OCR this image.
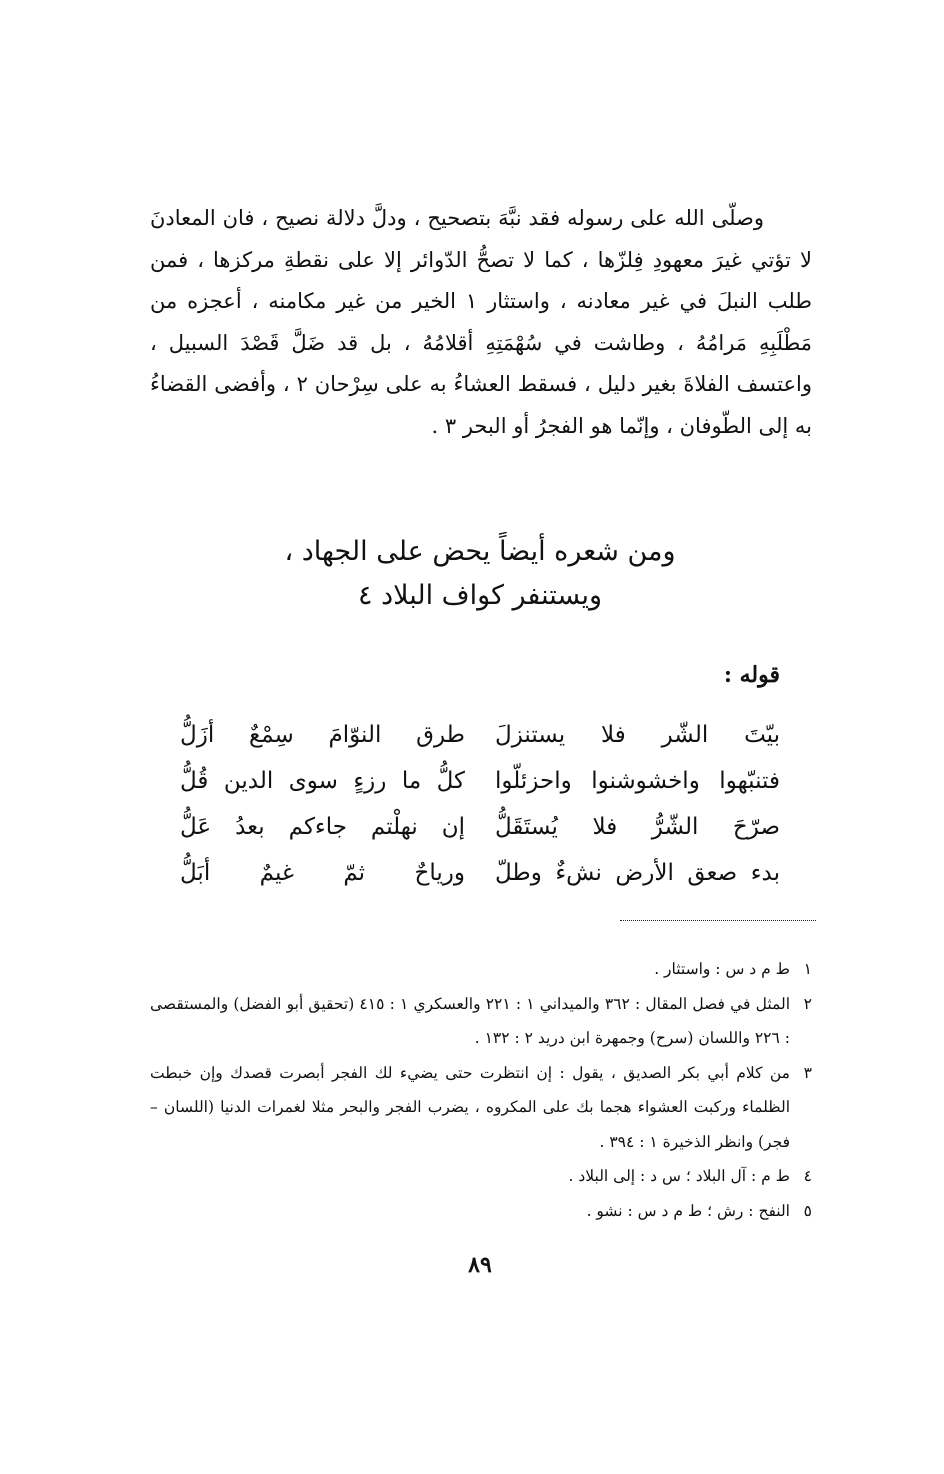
وصلّى الله على رسوله فقد نبَّهَ بتصحيح ، ودلَّ دلالة نصيح ، فان المعادنَ لا تؤتي غيرَ معهودِ فِلزّها ، كما لا تصحُّ الدّوائر إلا على نقطةِ مركزها ، فمن طلب النبلَ في غير معادنه ، واستثار ١ الخير من غير مكامنه ، أعجزه من مَطْلَبِهِ مَرامُهُ ، وطاشت في سُهْمَتِهِ أقلامُهُ ، بل قد ضَلَّ قَصْدَ السبيل ، واعتسف الفلاةَ بغير دليل ، فسقط العشاءُ به على سِرْحان ٢ ، وأفضى القضاءُ به إلى الطّوفان ، وإنّما هو الفجرُ أو البحر ٣ .

ومن شعره أيضاً يحض على الجهاد ،
ويستنفر كواف البلاد ٤
قوله :
بيّتَ الشّر فلا يستنزلَ
طرق النوّامَ سِمْعٌ أزَلُّ
فتنبّهوا واخشوشنوا واحزئلّوا
كلُّ ما رزءٍ سوى الدين قُلُّ
صرّحَ الشّرُّ فلا يُستَقَلُّ
إن نهلْتم جاءكم بعدُ عَلُّ
بدء صعق الأرض نشءٌ وطلّ
ورياحٌ ثمّ غيمٌ أبَلُّ
١
ط م د س : واستثار .
٢
المثل في فصل المقال : ٣٦٢ والميداني ١ : ٢٢١ والعسكري ١ : ٤١٥ (تحقيق أبو الفضل) والمستقصى : ٢٢٦ واللسان (سرح) وجمهرة ابن دريد ٢ : ١٣٢ .
٣
من كلام أبي بكر الصديق ، يقول : إن انتظرت حتى يضيء لك الفجر أبصرت قصدك وإن خبطت الظلماء وركبت العشواء هجما بك على المكروه ، يضرب الفجر والبحر مثلا لغمرات الدنيا (اللسان – فجر) وانظر الذخيرة ١ : ٣٩٤ .
٤
ط م : آل البلاد ؛ س د : إلى البلاد .
٥
النفح : رش ؛ ط م د س : نشو .
٨٩
